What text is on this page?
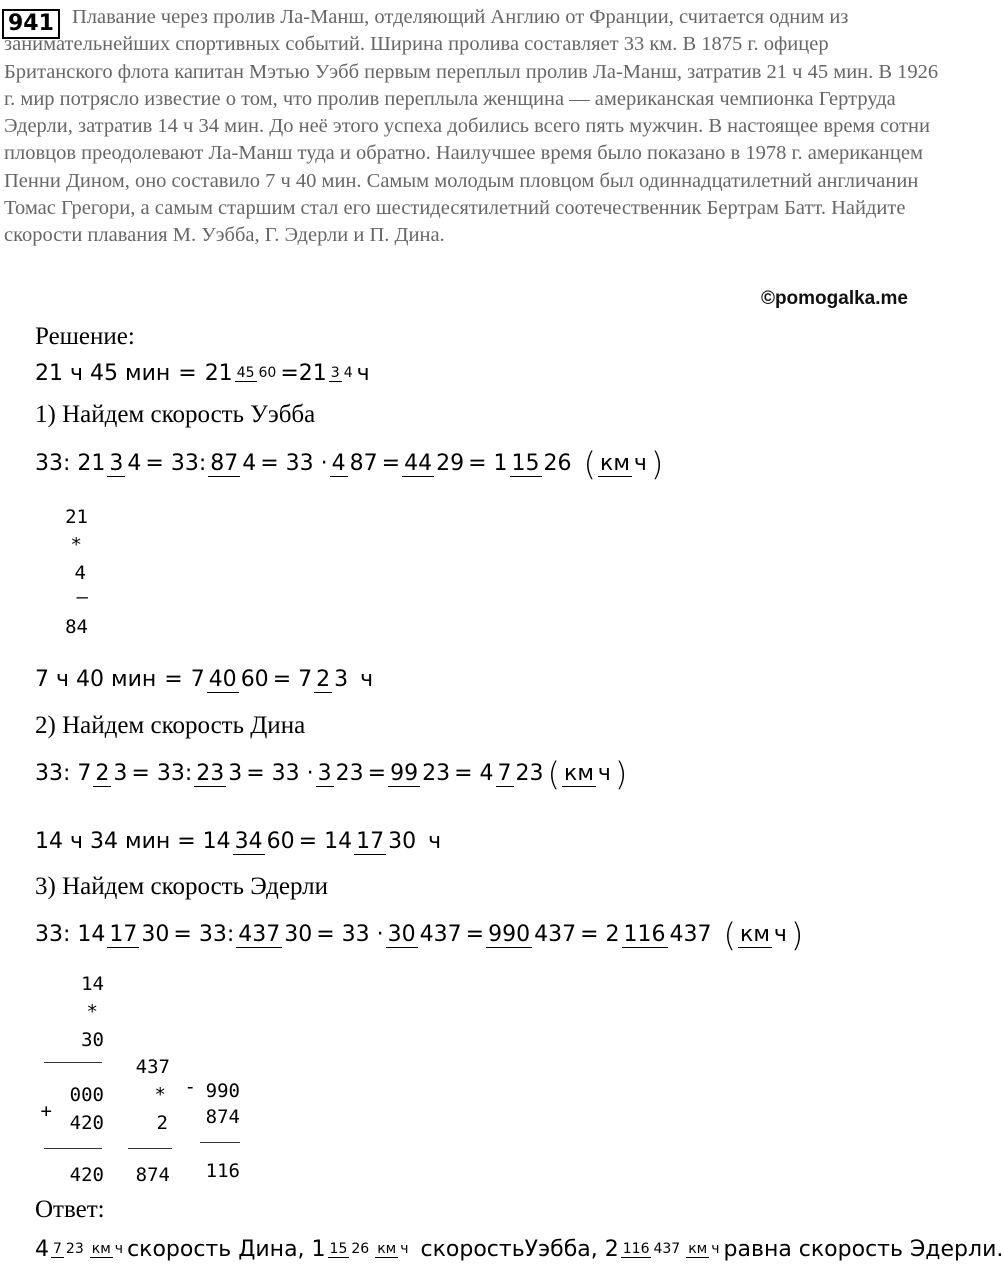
941 Плавание через пролив Ла-Манш, отделяющий Англию от Франции, считается одним из занимательнейших спортивных событий. Ширина пролива составляет 33 км. В 1875 г. офицер Британского флота капитан Мэтью Уэбб первым переплыл пролив Ла-Манш, затратив 21 ч 45 мин. В 1926 г. мир потрясло известие о том, что пролив переплыла женщина — американская чемпионка Гертруда Эдерли, затратив 14 ч 34 мин. До неё этого успеха добились всего пять мужчин. В настоящее время сотни пловцов преодолевают Ла-Манш туда и обратно. Наилучшее время было показано в 1978 г. американцем Пенни Дином, оно составило 7 ч 40 мин. Самым молодым пловцом был одиннадцатилетний англичанин Томас Грегори, а самым старшим стал его шестидесятилетний соотечественник Бертрам Батт. Найдите скорости плавания М. Уэбба, Г. Эдерли и П. Дина.

©pomogalka.me
Решение:
21 ч 45 мин = 21 45 60 = 21 3 4 ч
1) Найдем скорость Уэбба
33: 21 3 4 = 33: 87 4 = 33 · 4 87 = 44 29 = 1 15 26 ( км ч )
21
*
4
—
84
7 ч 40 мин = 7 40 60 = 7 2 3 ч
2) Найдем скорость Дина
33: 7 2 3 = 33: 23 3 = 33 · 3 23 = 99 23 = 4 7 23 ( км ч )
14 ч 34 мин = 14 34 60 = 14 17 30 ч
3) Найдем скорость Эдерли
33: 14 17 30 = 33: 437 30 = 33 · 30 437 = 990 437 = 2 116 437 ( км ч )
14
*
30
000
+
420
420
437
*
2
874
- 990
874
116
Ответ:
4 7 23 км ч скорость Дина, 1 15 26 км ч скоростьУэбба, 2 116 437 км ч равна скорость Эдерли.
